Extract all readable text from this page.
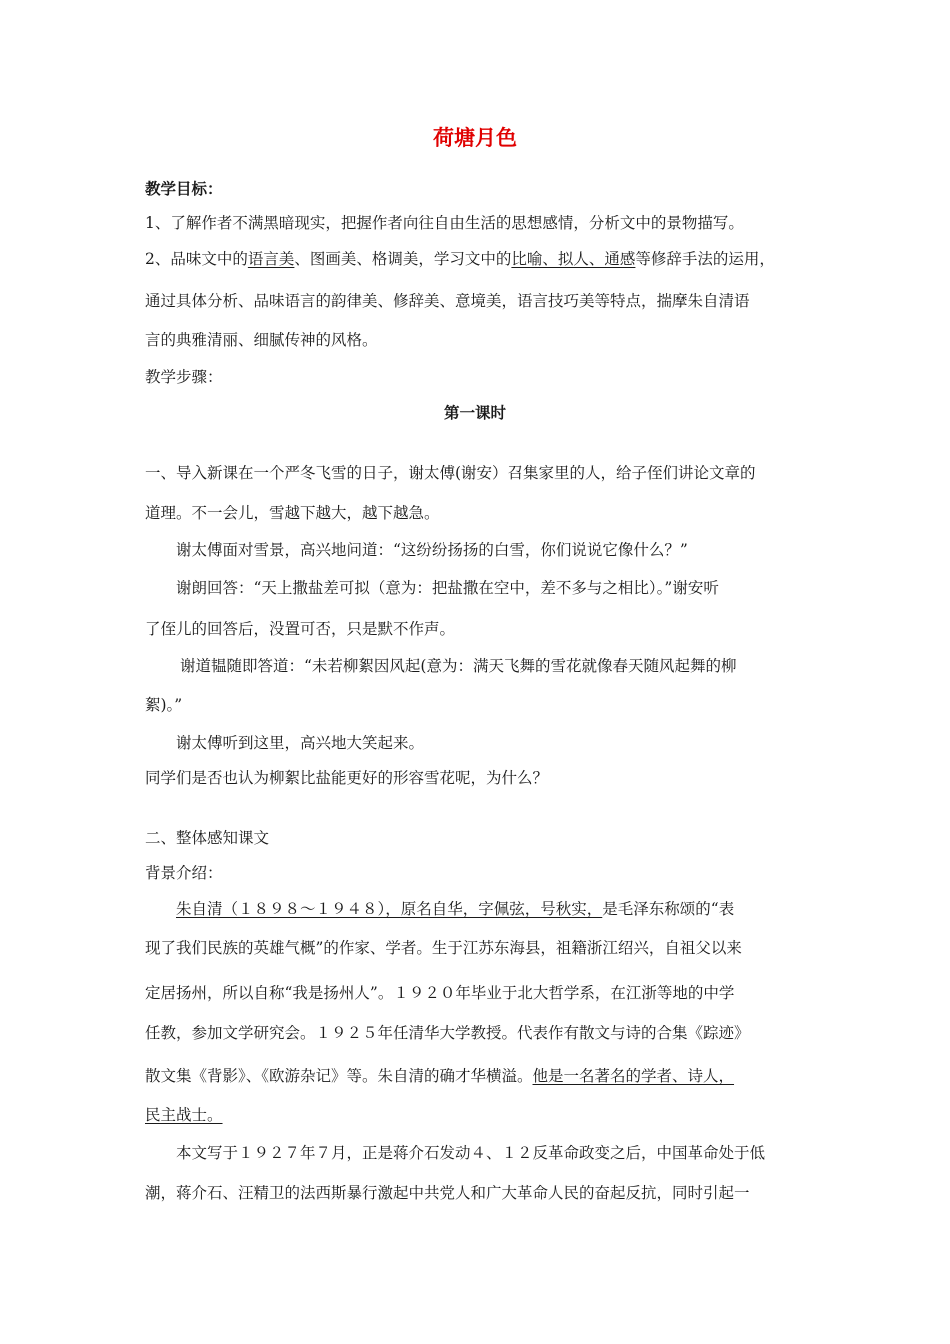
荷塘月色
教学目标：
1、了解作者不满黑暗现实，把握作者向往自由生活的思想感情，分析文中的景物描写。
2、品味文中的语言美、图画美、格调美，学习文中的比喻、拟人、通感等修辞手法的运用，
通过具体分析、品味语言的韵律美、修辞美、意境美，语言技巧美等特点，揣摩朱自清语
言的典雅清丽、细腻传神的风格。
教学步骤：
第一课时
一、导入新课在一个严冬飞雪的日子，谢太傅(谢安）召集家里的人，给子侄们讲论文章的
道理。不一会儿，雪越下越大，越下越急。
谢太傅面对雪景，高兴地问道：“这纷纷扬扬的白雪，你们说说它像什么？”
谢朗回答：“天上撒盐差可拟（意为：把盐撒在空中，差不多与之相比）。”谢安听
了侄儿的回答后，没置可否，只是默不作声。
谢道韫随即答道：“未若柳絮因风起(意为：满天飞舞的雪花就像春天随风起舞的柳
絮)。”
谢太傅听到这里，高兴地大笑起来。
同学们是否也认为柳絮比盐能更好的形容雪花呢，为什么？
二、整体感知课文
背景介绍：
朱自清（１８９８～１９４８），原名自华，字佩弦，号秋实，是毛泽东称颂的“表
现了我们民族的英雄气概”的作家、学者。生于江苏东海县，祖籍浙江绍兴，自祖父以来
定居扬州，所以自称“我是扬州人”。１９２０年毕业于北大哲学系，在江浙等地的中学
任教，参加文学研究会。１９２５年任清华大学教授。代表作有散文与诗的合集《踪迹》
散文集《背影》、《欧游杂记》等。朱自清的确才华横溢。他是一名著名的学者、诗人，
民主战士。
本文写于１９２７年７月，正是蒋介石发动４、１２反革命政变之后，中国革命处于低
潮，蒋介石、汪精卫的法西斯暴行激起中共党人和广大革命人民的奋起反抗，同时引起一
